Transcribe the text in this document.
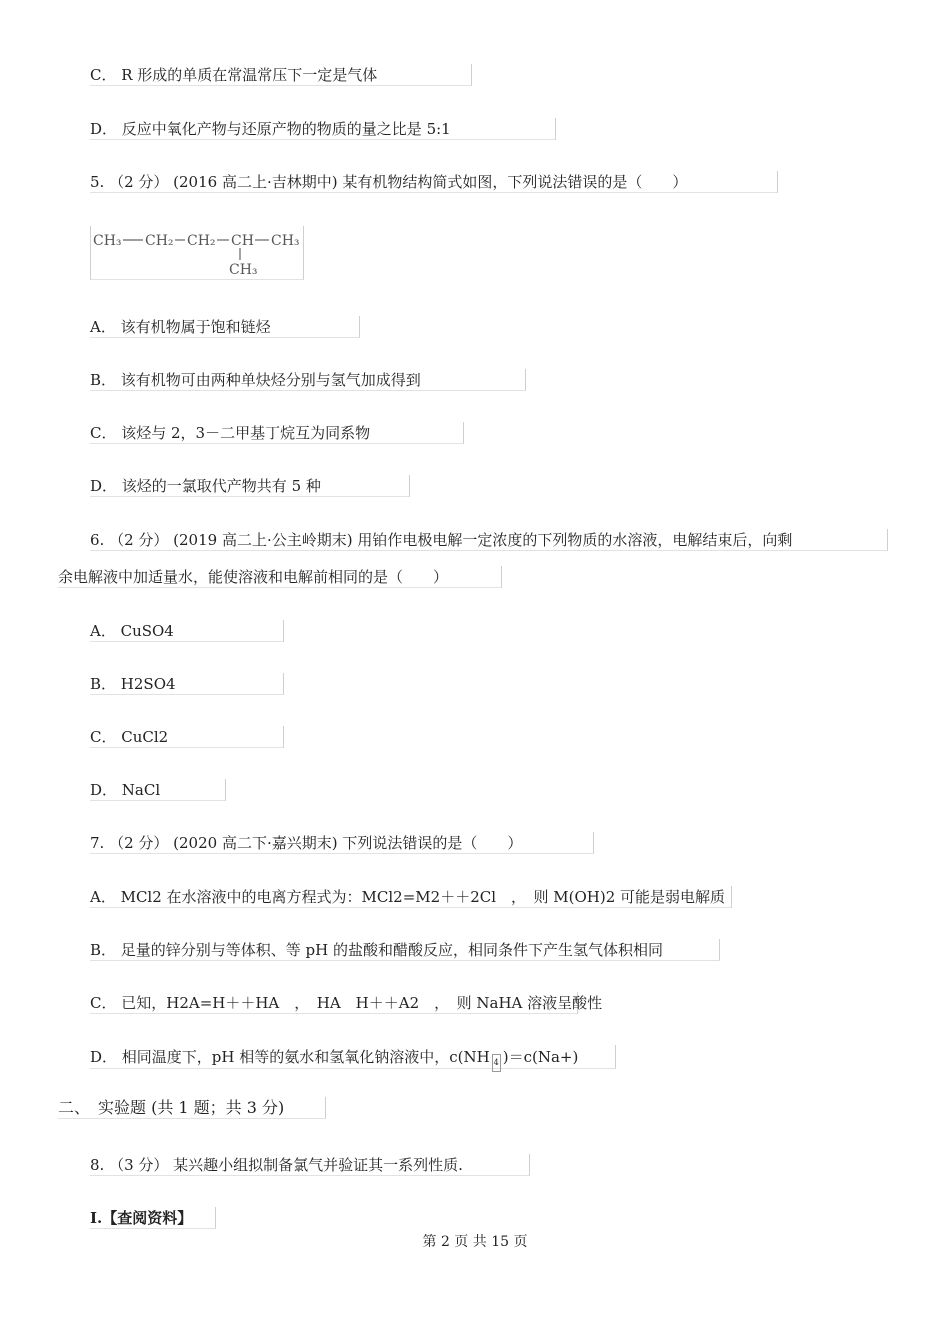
C． R 形成的单质在常温常压下一定是气体
D． 反应中氧化产物与还原产物的物质的量之比是 5:1
5. （2 分） (2016 高二上·吉林期中) 某有机物结构简式如图，下列说法错误的是（　　）
CH₃ CH₂ CH₂ CH CH₃
CH₃
A． 该有机物属于饱和链烃
B． 该有机物可由两种单炔烃分别与氢气加成得到
C． 该烃与 2，3－二甲基丁烷互为同系物
D． 该烃的一氯取代产物共有 5 种
6. （2 分） (2019 高二上·公主岭期末) 用铂作电极电解一定浓度的下列物质的水溶液，电解结束后，向剩
余电解液中加适量水，能使溶液和电解前相同的是（　　）
A． CuSO4
B． H2SO4
C． CuCl2
D． NaCl
7. （2 分） (2020 高二下·嘉兴期末) 下列说法错误的是（　　）
A． MCl2 在水溶液中的电离方程式为：MCl2=M2＋＋2Cl　，　则 M(OH)2 可能是弱电解质
B． 足量的锌分别与等体积、等 pH 的盐酸和醋酸反应，相同条件下产生氢气体积相同
C． 已知，H2A=H＋＋HA　，　HA　H＋＋A2　，　则 NaHA 溶液呈酸性
D． 相同温度下，pH 相等的氨水和氢氧化钠溶液中，c(NH 4 )＝c(Na+)
二、　实验题 (共 1 题；共 3 分)
8. （3 分） 某兴趣小组拟制备氯气并验证其一系列性质.
Ⅰ.【查阅资料】
第 2 页 共 15 页
